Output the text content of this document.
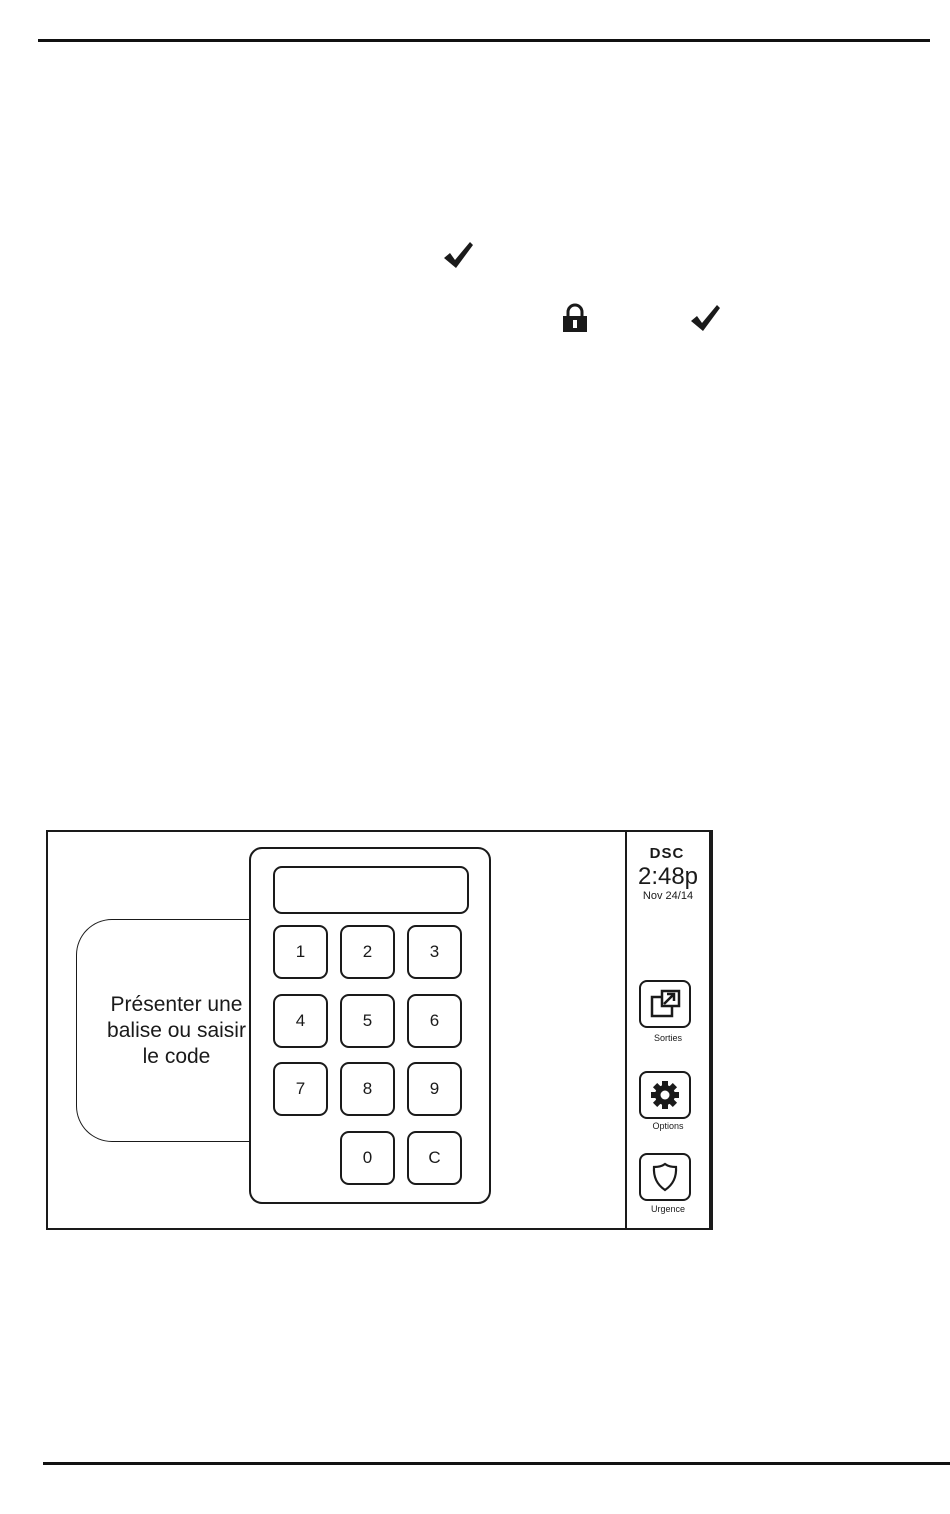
Présenter une balise ou saisir le code
1	2	3
4	5	6
7	8	9
0	C
DSC
2:48p
Nov 24/14
Sorties
Options
Urgence
